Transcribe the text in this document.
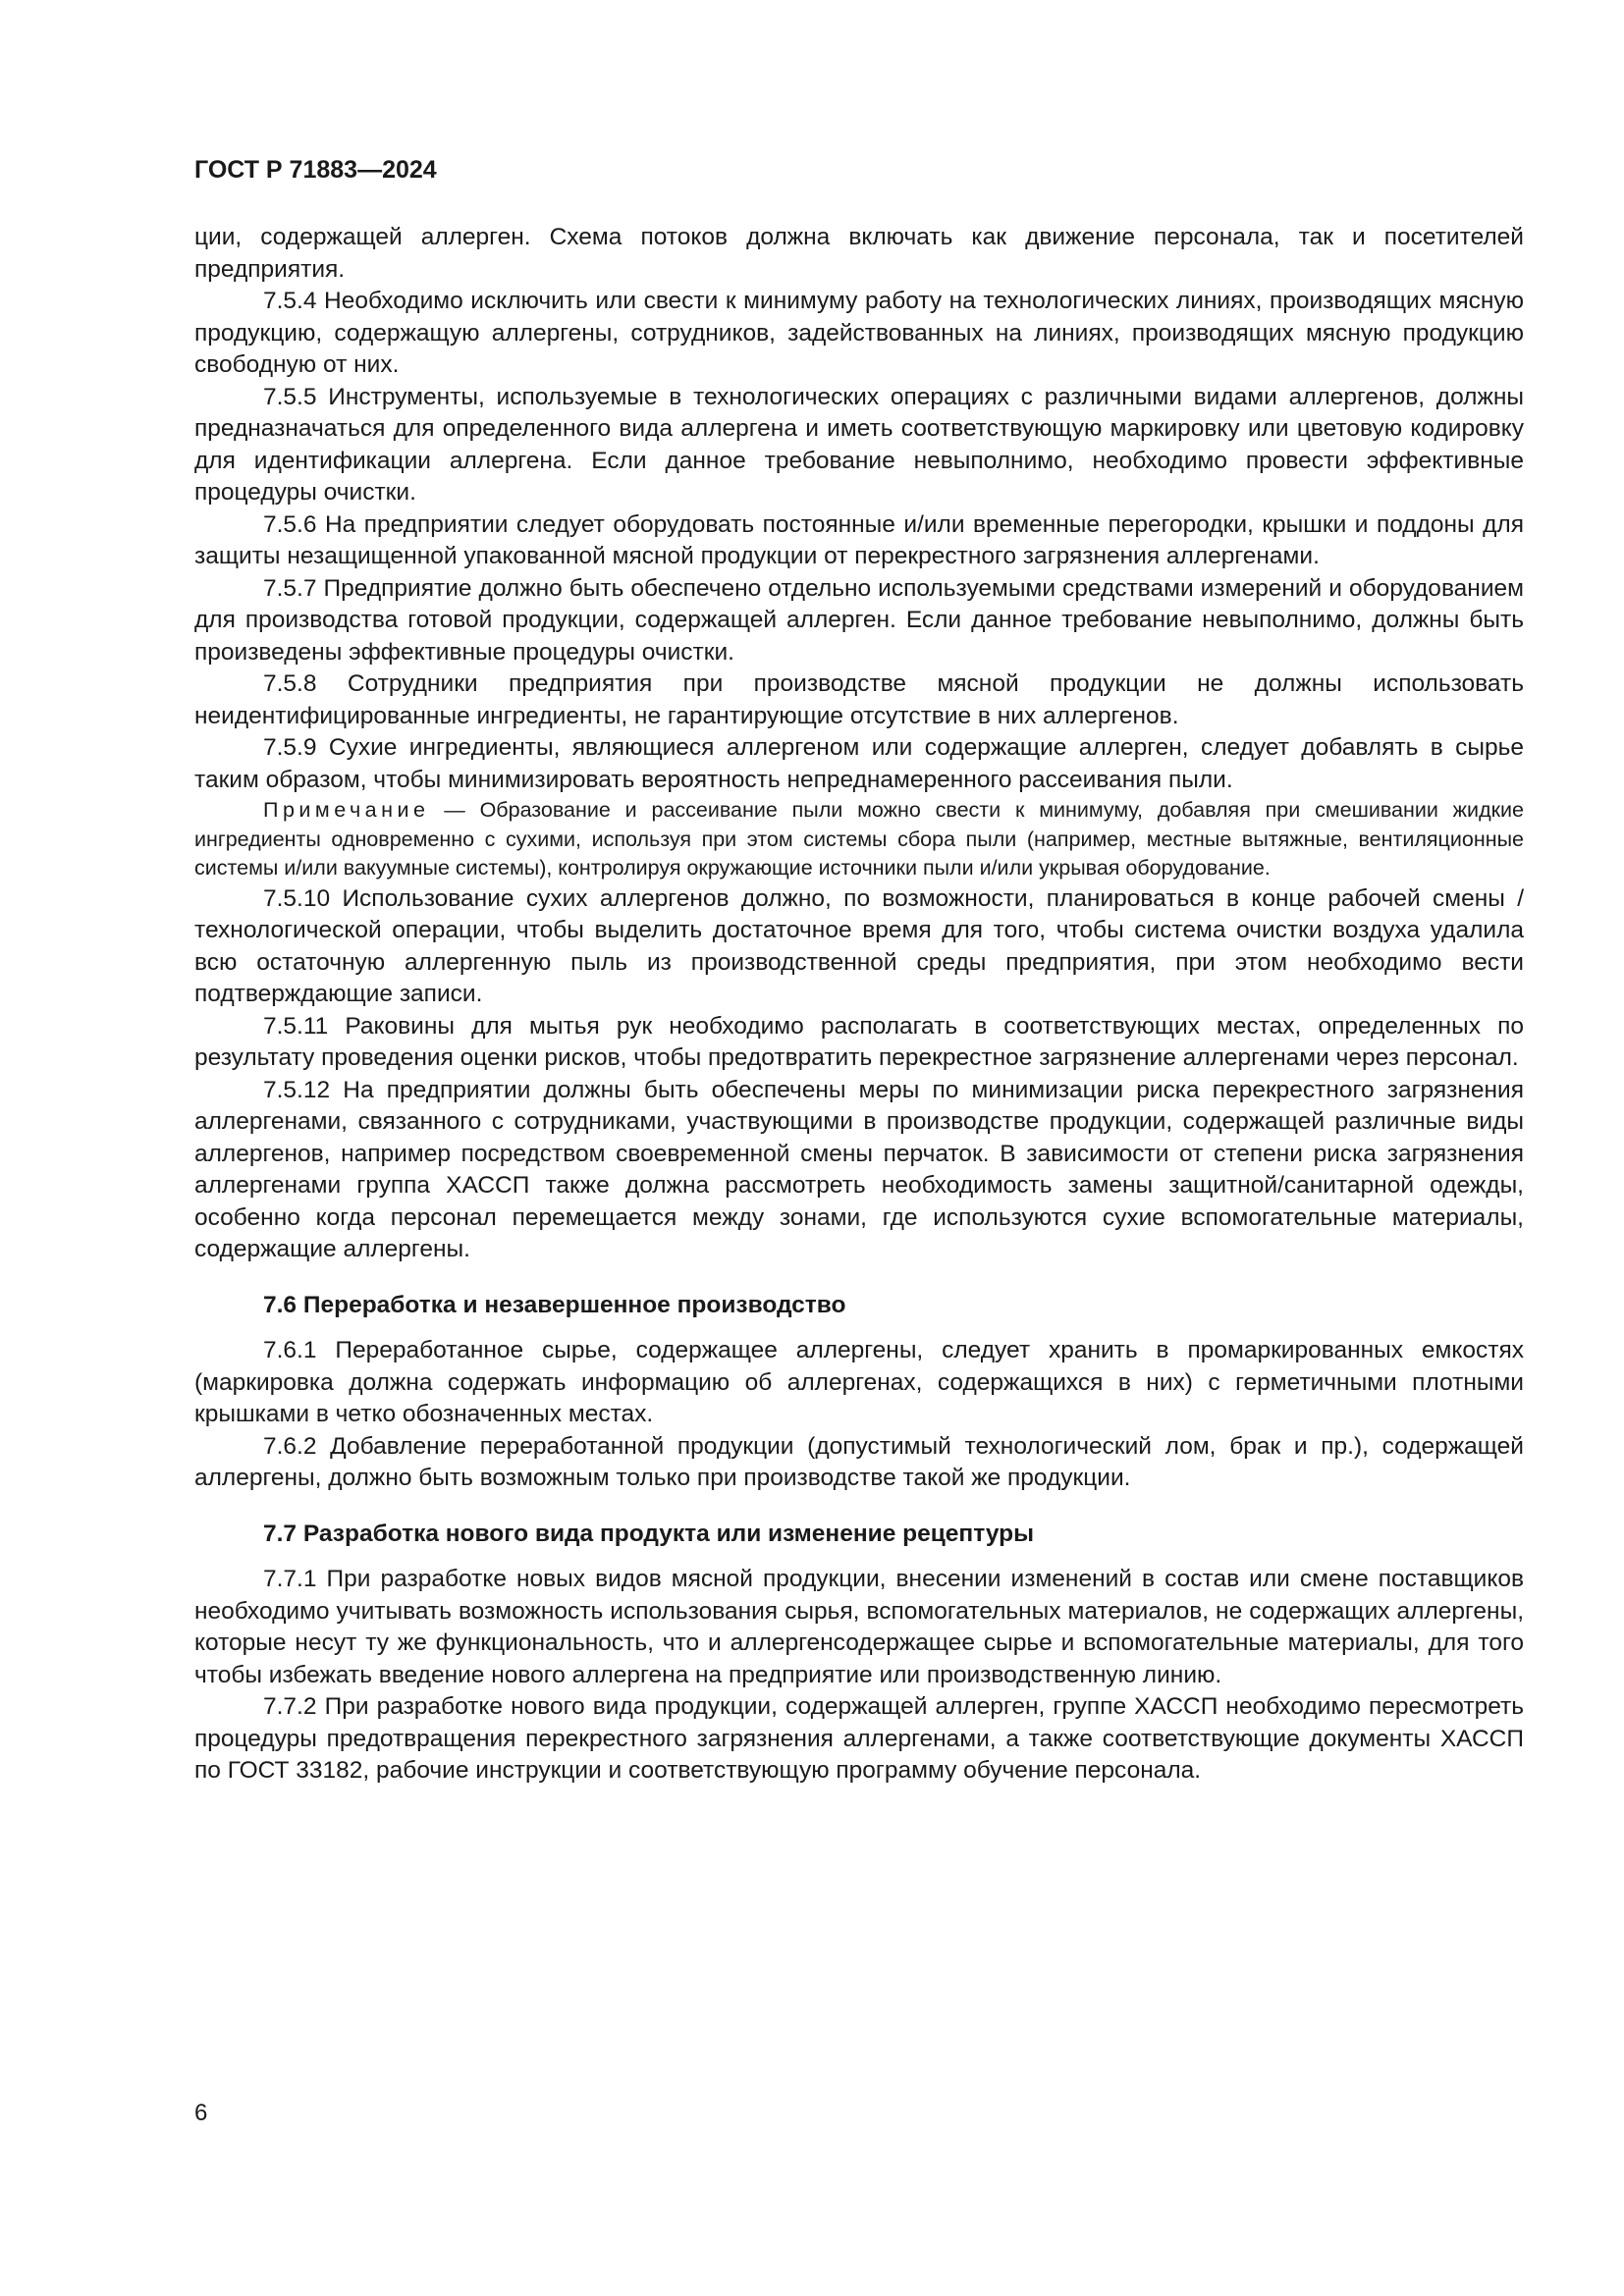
ГОСТ Р 71883—2024

ции, содержащей аллерген. Схема потоков должна включать как движение персонала, так и посетителей предприятия.

7.5.4 Необходимо исключить или свести к минимуму работу на технологических линиях, производящих мясную продукцию, содержащую аллергены, сотрудников, задействованных на линиях, производящих мясную продукцию свободную от них.

7.5.5 Инструменты, используемые в технологических операциях с различными видами аллергенов, должны предназначаться для определенного вида аллергена и иметь соответствующую маркировку или цветовую кодировку для идентификации аллергена. Если данное требование невыполнимо, необходимо провести эффективные процедуры очистки.

7.5.6 На предприятии следует оборудовать постоянные и/или временные перегородки, крышки и поддоны для защиты незащищенной упакованной мясной продукции от перекрестного загрязнения аллергенами.

7.5.7 Предприятие должно быть обеспечено отдельно используемыми средствами измерений и оборудованием для производства готовой продукции, содержащей аллерген. Если данное требование невыполнимо, должны быть произведены эффективные процедуры очистки.

7.5.8 Сотрудники предприятия при производстве мясной продукции не должны использовать неидентифицированные ингредиенты, не гарантирующие отсутствие в них аллергенов.

7.5.9 Сухие ингредиенты, являющиеся аллергеном или содержащие аллерген, следует добавлять в сырье таким образом, чтобы минимизировать вероятность непреднамеренного рассеивания пыли.

Примечание — Образование и рассеивание пыли можно свести к минимуму, добавляя при смешивании жидкие ингредиенты одновременно с сухими, используя при этом системы сбора пыли (например, местные вытяжные, вентиляционные системы и/или вакуумные системы), контролируя окружающие источники пыли и/или укрывая оборудование.

7.5.10 Использование сухих аллергенов должно, по возможности, планироваться в конце рабочей смены / технологической операции, чтобы выделить достаточное время для того, чтобы система очистки воздуха удалила всю остаточную аллергенную пыль из производственной среды предприятия, при этом необходимо вести подтверждающие записи.

7.5.11 Раковины для мытья рук необходимо располагать в соответствующих местах, определенных по результату проведения оценки рисков, чтобы предотвратить перекрестное загрязнение аллергенами через персонал.

7.5.12 На предприятии должны быть обеспечены меры по минимизации риска перекрестного загрязнения аллергенами, связанного с сотрудниками, участвующими в производстве продукции, содержащей различные виды аллергенов, например посредством своевременной смены перчаток. В зависимости от степени риска загрязнения аллергенами группа ХАССП также должна рассмотреть необходимость замены защитной/санитарной одежды, особенно когда персонал перемещается между зонами, где используются сухие вспомогательные материалы, содержащие аллергены.

7.6 Переработка и незавершенное производство

7.6.1 Переработанное сырье, содержащее аллергены, следует хранить в промаркированных емкостях (маркировка должна содержать информацию об аллергенах, содержащихся в них) с герметичными плотными крышками в четко обозначенных местах.

7.6.2 Добавление переработанной продукции (допустимый технологический лом, брак и пр.), содержащей аллергены, должно быть возможным только при производстве такой же продукции.

7.7 Разработка нового вида продукта или изменение рецептуры

7.7.1 При разработке новых видов мясной продукции, внесении изменений в состав или смене поставщиков необходимо учитывать возможность использования сырья, вспомогательных материалов, не содержащих аллергены, которые несут ту же функциональность, что и аллергенсодержащее сырье и вспомогательные материалы, для того чтобы избежать введение нового аллергена на предприятие или производственную линию.

7.7.2 При разработке нового вида продукции, содержащей аллерген, группе ХАССП необходимо пересмотреть процедуры предотвращения перекрестного загрязнения аллергенами, а также соответствующие документы ХАССП по ГОСТ 33182, рабочие инструкции и соответствующую программу обучение персонала.

6
